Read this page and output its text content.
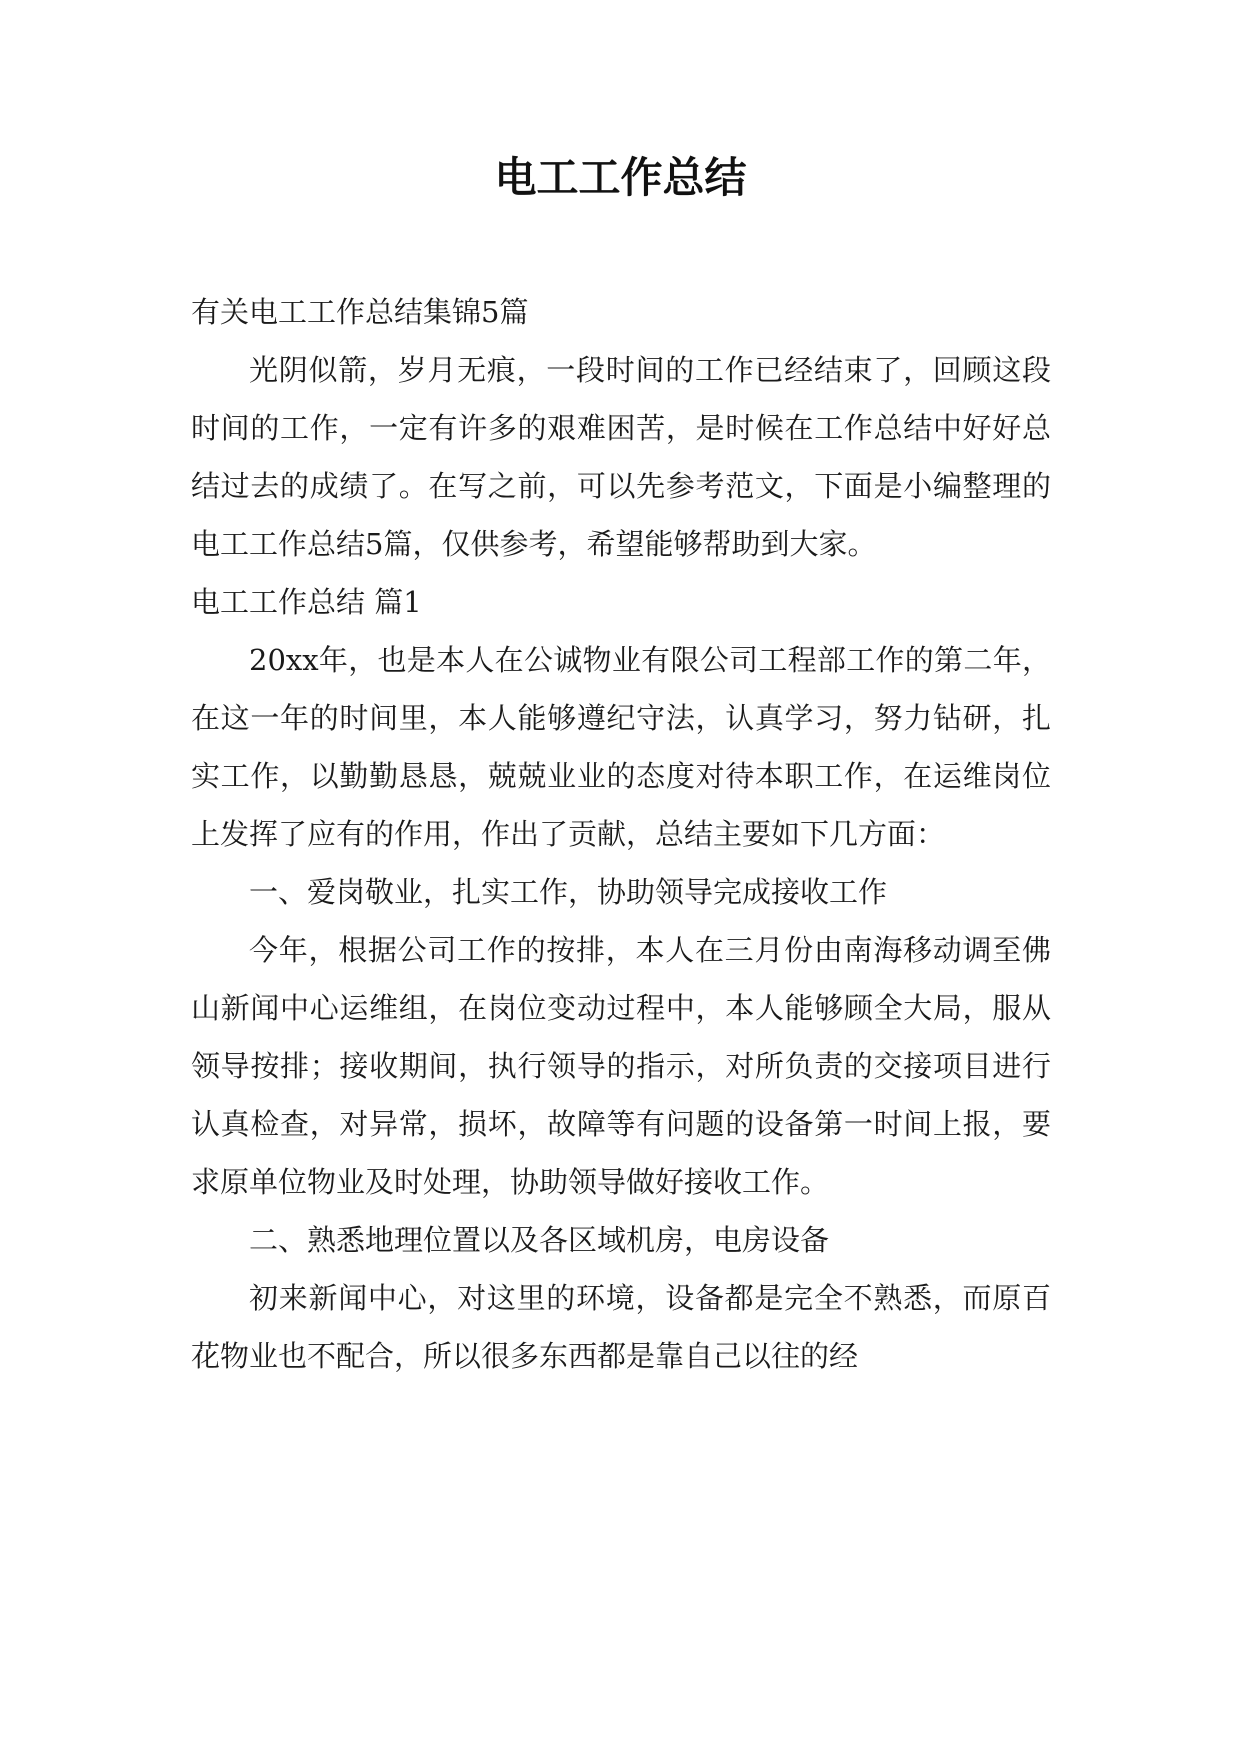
电工工作总结

有关电工工作总结集锦5篇

光阴似箭，岁月无痕，一段时间的工作已经结束了，回顾这段时间的工作，一定有许多的艰难困苦，是时候在工作总结中好好总结过去的成绩了。在写之前，可以先参考范文，下面是小编整理的电工工作总结5篇，仅供参考，希望能够帮助到大家。

电工工作总结 篇1

20xx年，也是本人在公诚物业有限公司工程部工作的第二年，在这一年的时间里，本人能够遵纪守法，认真学习，努力钻研，扎实工作，以勤勤恳恳，兢兢业业的态度对待本职工作，在运维岗位上发挥了应有的作用，作出了贡献，总结主要如下几方面：

一、爱岗敬业，扎实工作，协助领导完成接收工作

今年，根据公司工作的按排，本人在三月份由南海移动调至佛山新闻中心运维组，在岗位变动过程中，本人能够顾全大局，服从领导按排；接收期间，执行领导的指示，对所负责的交接项目进行认真检查，对异常，损坏，故障等有问题的设备第一时间上报，要求原单位物业及时处理，协助领导做好接收工作。

二、熟悉地理位置以及各区域机房，电房设备

初来新闻中心，对这里的环境，设备都是完全不熟悉，而原百花物业也不配合，所以很多东西都是靠自己以往的经
